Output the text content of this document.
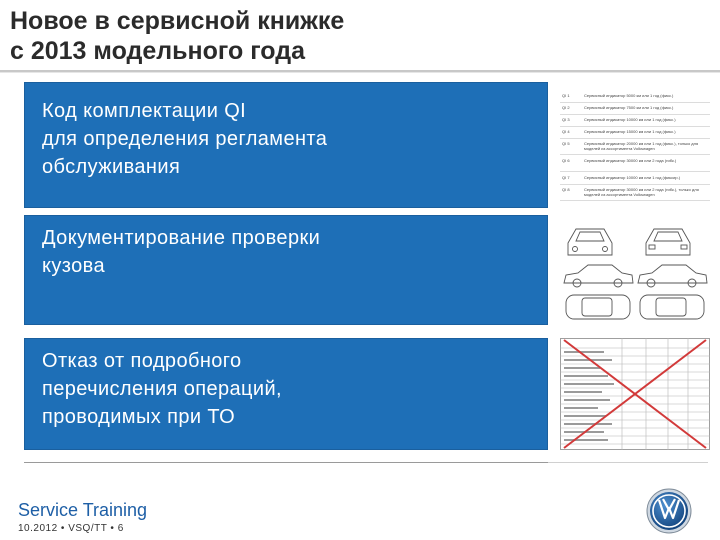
Новое в сервисной книжке
с 2013 модельного года
Код комплектации QI
для определения регламента
обслуживания
Документирование проверки
кузова
Отказ от подробного
перечисления операций,
проводимых при ТО
QI 1	Сервисный индикатор 5000 км или 1 год (фикс.)
QI 2	Сервисный индикатор 7500 км или 1 год (фикс.)
QI 3	Сервисный индикатор 10000 км или 1 год (фикс.)
QI 4	Сервисный индикатор 15000 км или 1 год (фикс.)
QI 5	Сервисный индикатор 20000 км или 1 год (фикс.), только для моделей из ассортимента Volkswagen
QI 6	Сервисный индикатор 30000 км или 2 года (гибк.)
QI 7	Сервисный индикатор 10000 км или 1 год (фиксир.)
QI 8	Сервисный индикатор 30000 км или 2 года (гибк.), только для моделей из ассортимента Volkswagen
Service Training
10.2012 • VSQ/TT • 6
